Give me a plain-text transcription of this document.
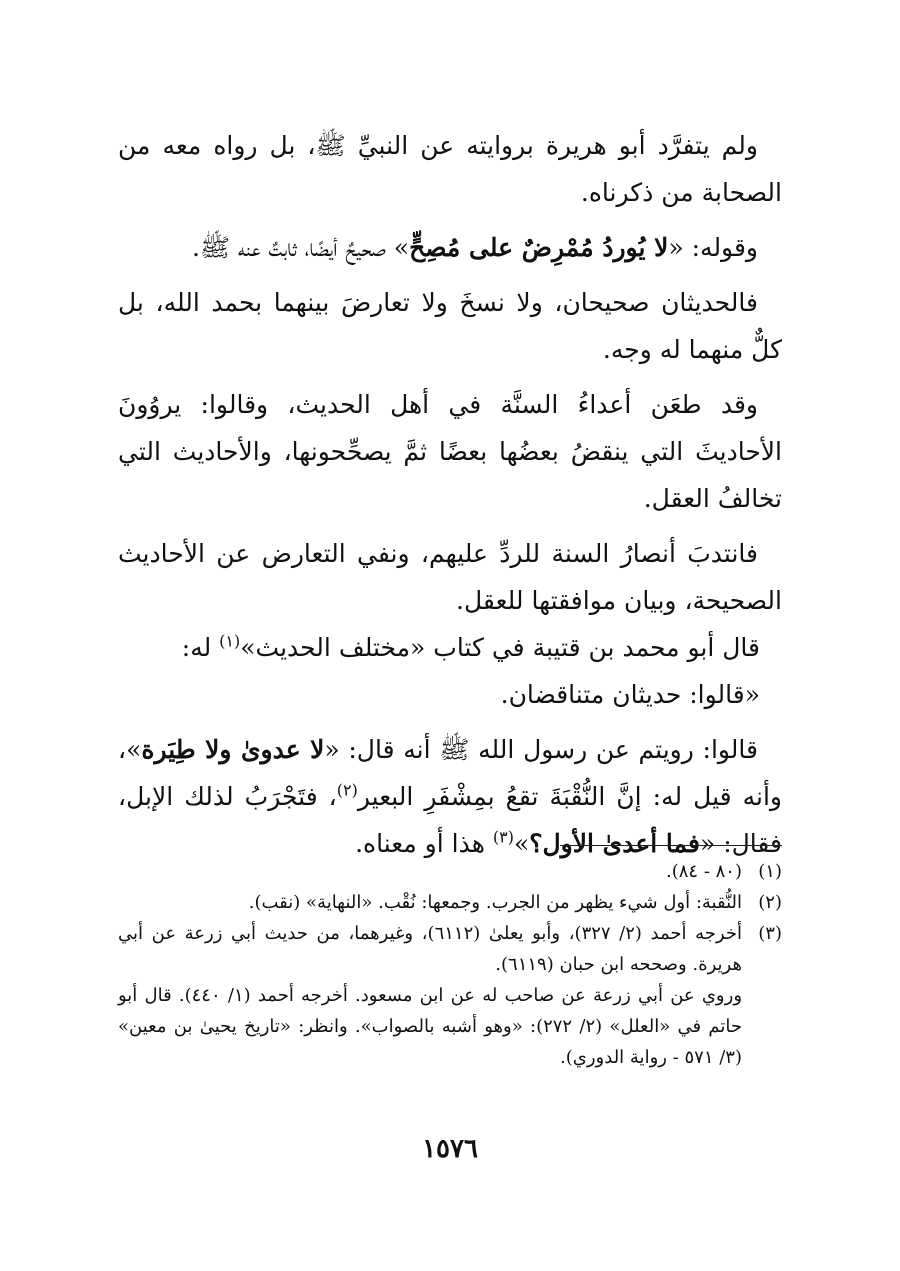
ولم يتفرَّد أبو هريرة بروايته عن النبيِّ ﷺ، بل رواه معه من الصحابة من ذكرناه.

وقوله: «لا يُوردُ مُمْرِضٌ على مُصِحٍّ» صحيحٌ أيضًا، ثابتٌ عنه ﷺ.

فالحديثان صحيحان، ولا نسخَ ولا تعارضَ بينهما بحمد الله، بل كلٌّ منهما له وجه.

وقد طعَن أعداءُ السنَّة في أهل الحديث، وقالوا: يروُونَ الأحاديثَ التي ينقضُ بعضُها بعضًا ثمَّ يصحِّحونها، والأحاديث التي تخالفُ العقل.

فانتدبَ أنصارُ السنة للردِّ عليهم، ونفي التعارض عن الأحاديث الصحيحة، وبيان موافقتها للعقل.

قال أبو محمد بن قتيبة في كتاب «مختلف الحديث»$^{(١)}$ له:

«قالوا: حديثان متناقضان.

قالوا: رويتم عن رسول الله ﷺ أنه قال: «لا عدوىٰ ولا طِيَرة»، وأنه قيل له: إنَّ النُّقْبَةَ تقعُ بمِشْفَرِ البعير$^{(٢)}$، فتَجْرَبُ لذلك الإبل، فقال: «فما أعدىٰ الأول؟»$^{(٣)}$ هذا أو معناه.

(١)

(٨٠ - ٨٤).

(٢)

النُّقبة: أول شيء يظهر من الجرب. وجمعها: نُقْب. «النهاية» (نقب).

(٣)

أخرجه أحمد (٢/ ٣٢٧)، وأبو يعلىٰ (٦١١٢)، وغيرهما، من حديث أبي زرعة عن أبي هريرة. وصححه ابن حبان (٦١١٩).

وروي عن أبي زرعة عن صاحب له عن ابن مسعود. أخرجه أحمد (١/ ٤٤٠). قال أبو حاتم في «العلل» (٢/ ٢٧٢): «وهو أشبه بالصواب». وانظر: «تاريخ يحيىٰ بن معين» (٣/ ٥٧١ - رواية الدوري).

١٥٧٦
